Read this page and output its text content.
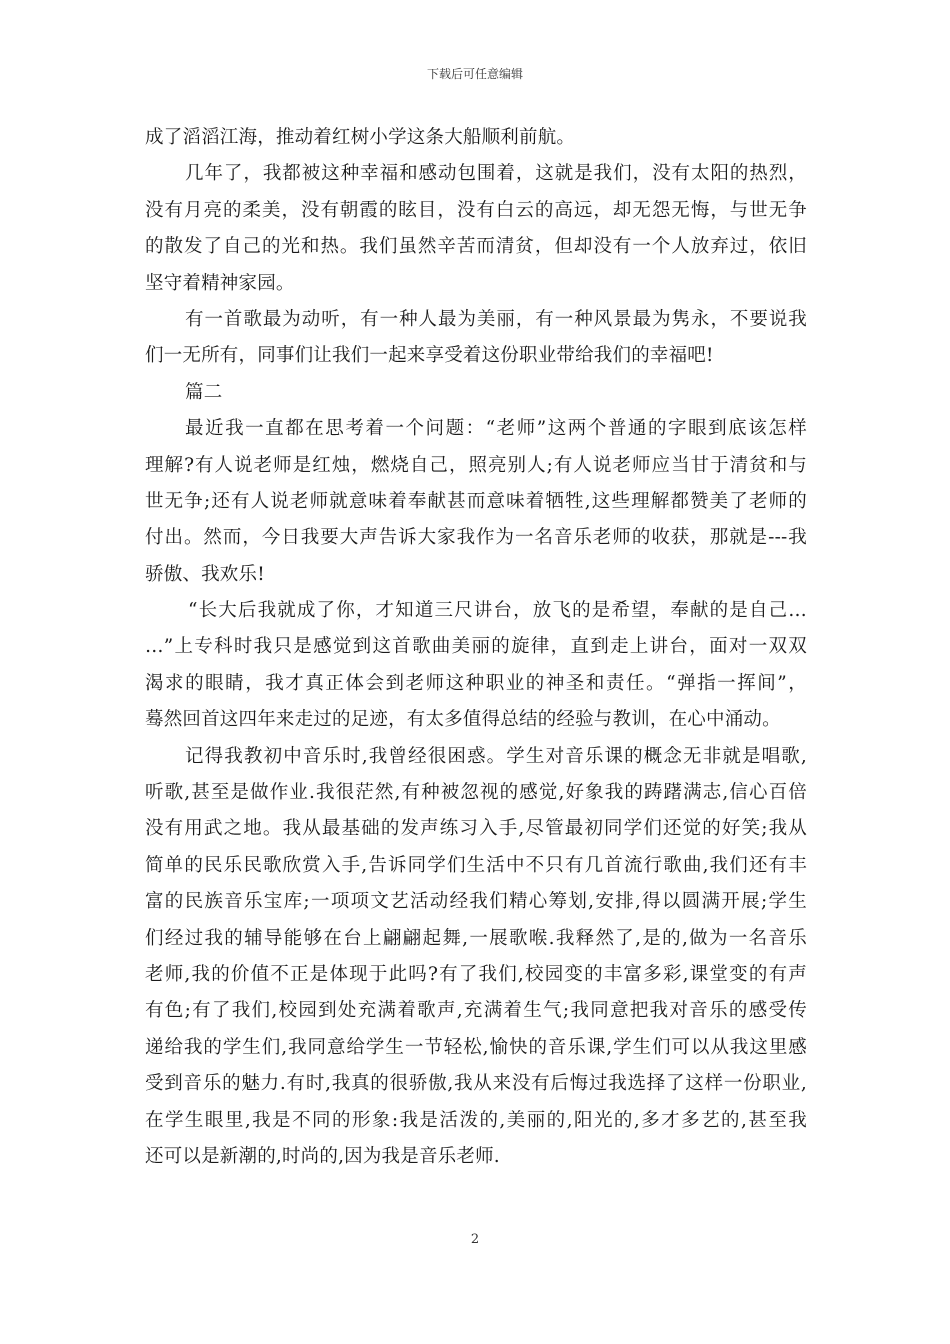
下载后可任意编辑
成了滔滔江海，推动着红树小学这条大船顺利前航。
几年了，我都被这种幸福和感动包围着，这就是我们，没有太阳的热烈，
没有月亮的柔美，没有朝霞的眩目，没有白云的高远，却无怨无悔，与世无争
的散发了自己的光和热。我们虽然辛苦而清贫，但却没有一个人放弃过，依旧
坚守着精神家园。
有一首歌最为动听，有一种人最为美丽，有一种风景最为隽永，不要说我
们一无所有，同事们让我们一起来享受着这份职业带给我们的幸福吧!
篇二
最近我一直都在思考着一个问题：“老师”这两个普通的字眼到底该怎样
理解?有人说老师是红烛，燃烧自己，照亮别人;有人说老师应当甘于清贫和与
世无争;还有人说老师就意味着奉献甚而意味着牺牲,这些理解都赞美了老师的
付出。然而，今日我要大声告诉大家我作为一名音乐老师的收获，那就是---我
骄傲、我欢乐!
“长大后我就成了你，才知道三尺讲台，放飞的是希望，奉献的是自己…
…”上专科时我只是感觉到这首歌曲美丽的旋律，直到走上讲台，面对一双双
渴求的眼睛，我才真正体会到老师这种职业的神圣和责任。“弹指一挥间”，
蓦然回首这四年来走过的足迹，有太多值得总结的经验与教训，在心中涌动。
记得我教初中音乐时,我曾经很困惑。学生对音乐课的概念无非就是唱歌,
听歌,甚至是做作业.我很茫然,有种被忽视的感觉,好象我的踌躇满志,信心百倍
没有用武之地。我从最基础的发声练习入手,尽管最初同学们还觉的好笑;我从
简单的民乐民歌欣赏入手,告诉同学们生活中不只有几首流行歌曲,我们还有丰
富的民族音乐宝库;一项项文艺活动经我们精心筹划,安排,得以圆满开展;学生
们经过我的辅导能够在台上翩翩起舞,一展歌喉.我释然了,是的,做为一名音乐
老师,我的价值不正是体现于此吗?有了我们,校园变的丰富多彩,课堂变的有声
有色;有了我们,校园到处充满着歌声,充满着生气;我同意把我对音乐的感受传
递给我的学生们,我同意给学生一节轻松,愉快的音乐课,学生们可以从我这里感
受到音乐的魅力.有时,我真的很骄傲,我从来没有后悔过我选择了这样一份职业,
在学生眼里,我是不同的形象:我是活泼的,美丽的,阳光的,多才多艺的,甚至我
还可以是新潮的,时尚的,因为我是音乐老师.
2
